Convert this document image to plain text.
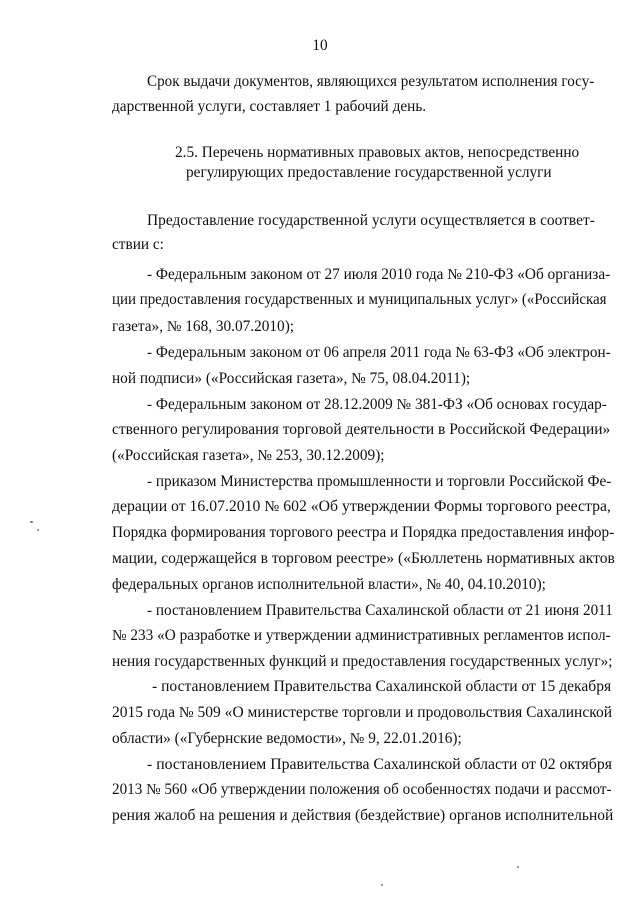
10
Срок выдачи документов, являющихся результатом исполнения госу-
дарственной услуги, составляет 1 рабочий день.
2.5. Перечень нормативных правовых актов, непосредственно
регулирующих предоставление государственной услуги
Предоставление государственной услуги осуществляется в соответ-
ствии с:
- Федеральным законом от 27 июля 2010 года № 210-ФЗ «Об организа-
ции предоставления государственных и муниципальных услуг» («Российская
газета», № 168, 30.07.2010);
- Федеральным законом от 06 апреля 2011 года № 63-ФЗ «Об электрон-
ной подписи» («Российская газета», № 75, 08.04.2011);
- Федеральным законом от 28.12.2009 № 381-ФЗ «Об основах государ-
ственного регулирования торговой деятельности в Российской Федерации»
(«Российская газета», № 253, 30.12.2009);
- приказом Министерства промышленности и торговли Российской Фе-
дерации от 16.07.2010 № 602 «Об утверждении Формы торгового реестра,
Порядка формирования торгового реестра и Порядка предоставления инфор-
мации, содержащейся в торговом реестре» («Бюллетень нормативных актов
федеральных органов исполнительной власти», № 40, 04.10.2010);
- постановлением Правительства Сахалинской области от 21 июня 2011
№ 233 «О разработке и утверждении административных регламентов испол-
нения государственных функций и предоставления государственных услуг»;
- постановлением Правительства Сахалинской области от 15 декабря
2015 года № 509 «О министерстве торговли и продовольствия Сахалинской
области» («Губернские ведомости», № 9, 22.01.2016);
- постановлением Правительства Сахалинской области от 02 октября
2013 № 560 «Об утверждении положения об особенностях подачи и рассмот-
рения жалоб на решения и действия (бездействие) органов исполнительной
